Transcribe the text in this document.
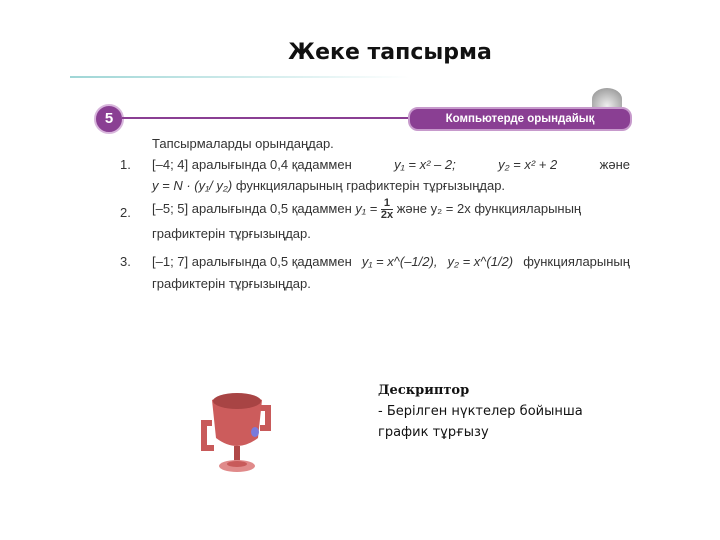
Жеке тапсырма
5	Компьютерде орындайық
Тапсырмаларды орындаңдар.
1. [–4; 4] аралығында 0,4 қадаммен	y₁ = x² – 2;	y₂ = x² + 2	және
y = N · (y₁/ y₂) функцияларының графиктерін тұрғызыңдар.
2. [–5; 5] аралығында 0,5 қадаммен $y_1 = \frac{1}{2x}$ және y₂ = 2x функцияларының
графиктерін тұрғызыңдар.
3. [–1; 7] аралығында 0,5 қадаммен y₁ = x^(–1/2), y₂ = x^(1/2) функцияларының
графиктерін тұрғызыңдар.
Дескриптор
- Берілген нүктелер бойынша
график тұрғызу
